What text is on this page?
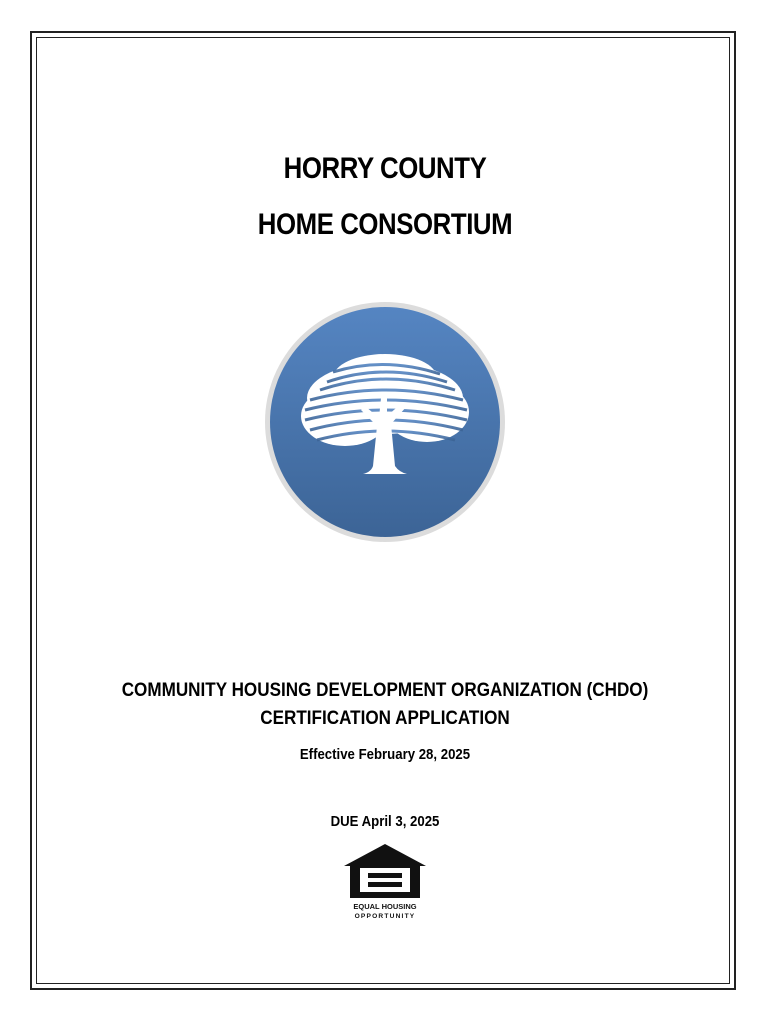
HORRY COUNTY
HOME CONSORTIUM
COMMUNITY HOUSING DEVELOPMENT ORGANIZATION (CHDO)
CERTIFICATION APPLICATION
Effective February 28, 2025
DUE April 3, 2025
EQUAL HOUSING
OPPORTUNITY
